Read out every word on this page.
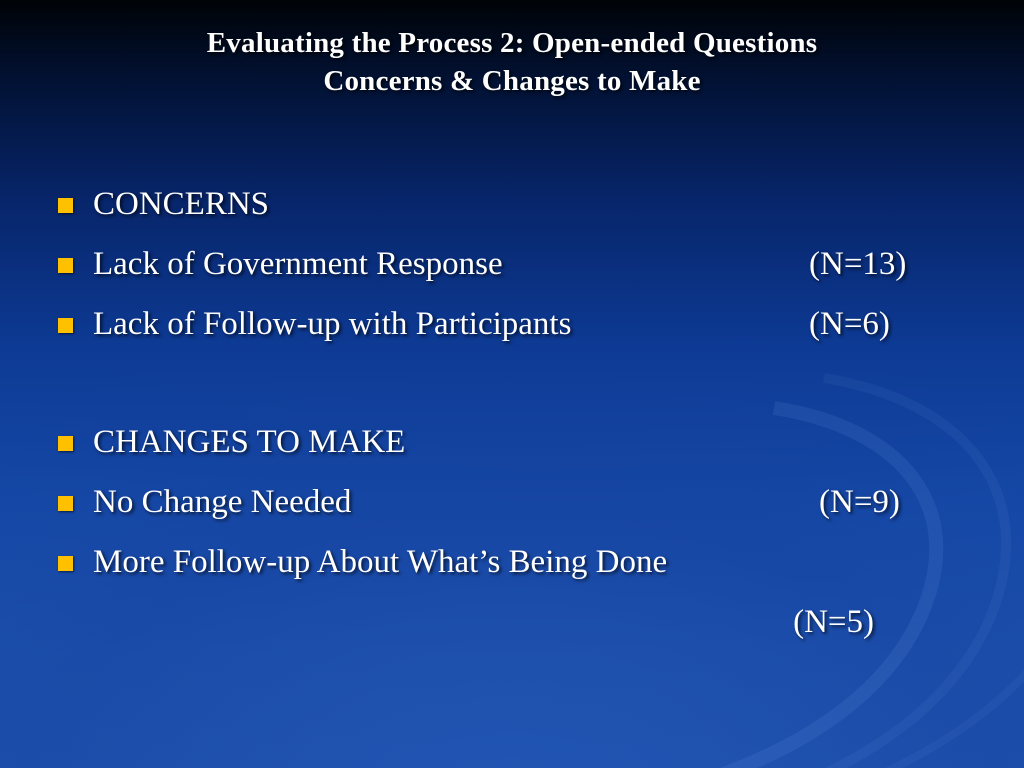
Evaluating the Process 2: Open-ended Questions
Concerns & Changes to Make
CONCERNS
Lack of Government Response	(N=13)
Lack of Follow-up with Participants	(N=6)
CHANGES TO MAKE
No Change Needed	(N=9)
More Follow-up About What’s Being Done
(N=5)
